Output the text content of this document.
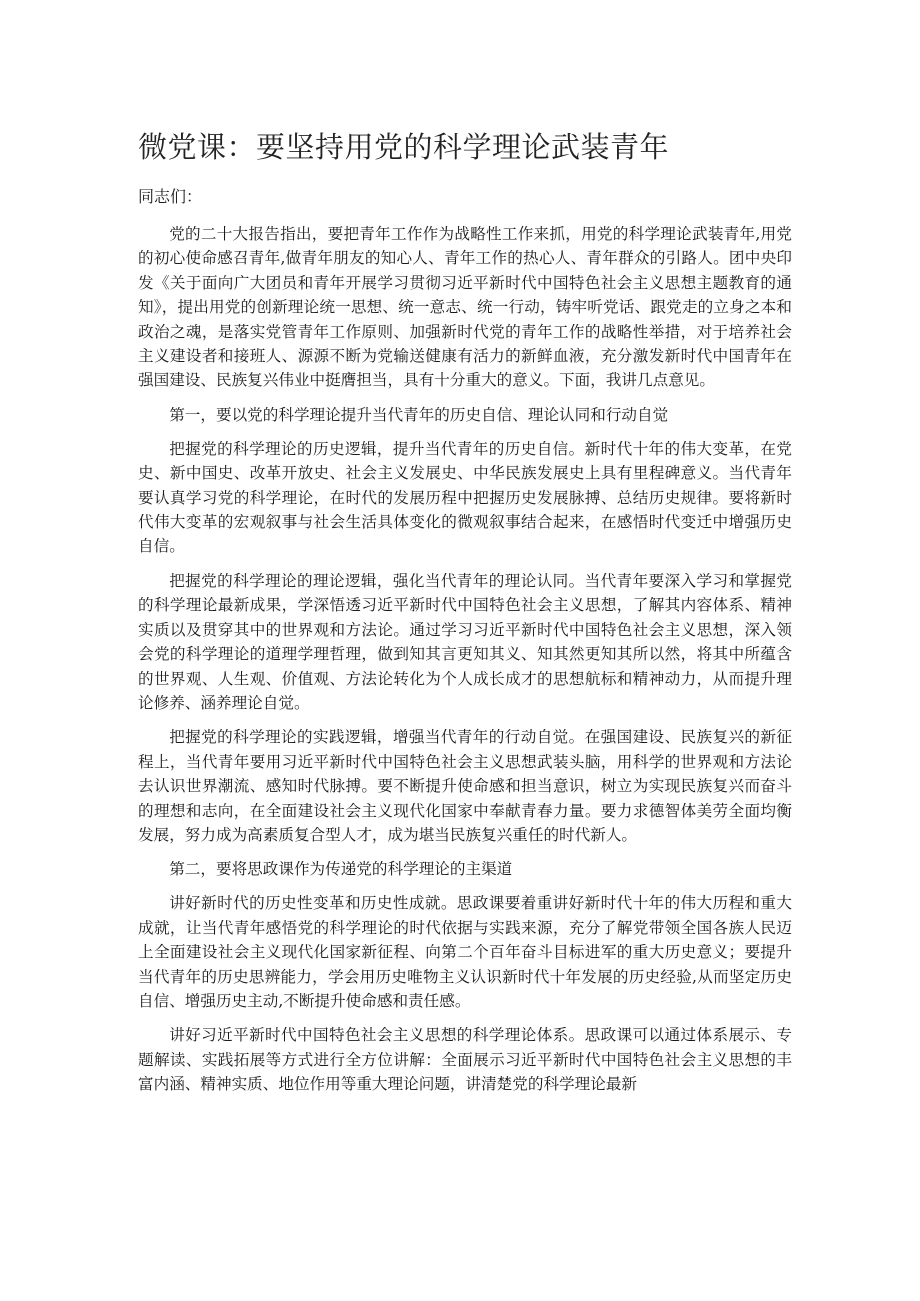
微党课：要坚持用党的科学理论武装青年

同志们：

党的二十大报告指出，要把青年工作作为战略性工作来抓，用党的科学理论武装青年,用党的初心使命感召青年,做青年朋友的知心人、青年工作的热心人、青年群众的引路人。团中央印发《关于面向广大团员和青年开展学习贯彻习近平新时代中国特色社会主义思想主题教育的通知》，提出用党的创新理论统一思想、统一意志、统一行动，铸牢听党话、跟党走的立身之本和政治之魂，是落实党管青年工作原则、加强新时代党的青年工作的战略性举措，对于培养社会主义建设者和接班人、源源不断为党输送健康有活力的新鲜血液，充分激发新时代中国青年在强国建设、民族复兴伟业中挺膺担当，具有十分重大的意义。下面，我讲几点意见。

第一，要以党的科学理论提升当代青年的历史自信、理论认同和行动自觉

把握党的科学理论的历史逻辑，提升当代青年的历史自信。新时代十年的伟大变革，在党史、新中国史、改革开放史、社会主义发展史、中华民族发展史上具有里程碑意义。当代青年要认真学习党的科学理论，在时代的发展历程中把握历史发展脉搏、总结历史规律。要将新时代伟大变革的宏观叙事与社会生活具体变化的微观叙事结合起来，在感悟时代变迁中增强历史自信。

把握党的科学理论的理论逻辑，强化当代青年的理论认同。当代青年要深入学习和掌握党的科学理论最新成果，学深悟透习近平新时代中国特色社会主义思想，了解其内容体系、精神实质以及贯穿其中的世界观和方法论。通过学习习近平新时代中国特色社会主义思想，深入领会党的科学理论的道理学理哲理，做到知其言更知其义、知其然更知其所以然，将其中所蕴含的世界观、人生观、价值观、方法论转化为个人成长成才的思想航标和精神动力，从而提升理论修养、涵养理论自觉。

把握党的科学理论的实践逻辑，增强当代青年的行动自觉。在强国建设、民族复兴的新征程上，当代青年要用习近平新时代中国特色社会主义思想武装头脑，用科学的世界观和方法论去认识世界潮流、感知时代脉搏。要不断提升使命感和担当意识，树立为实现民族复兴而奋斗的理想和志向，在全面建设社会主义现代化国家中奉献青春力量。要力求德智体美劳全面均衡发展，努力成为高素质复合型人才，成为堪当民族复兴重任的时代新人。

第二，要将思政课作为传递党的科学理论的主渠道

讲好新时代的历史性变革和历史性成就。思政课要着重讲好新时代十年的伟大历程和重大成就，让当代青年感悟党的科学理论的时代依据与实践来源，充分了解党带领全国各族人民迈上全面建设社会主义现代化国家新征程、向第二个百年奋斗目标进军的重大历史意义；要提升当代青年的历史思辨能力，学会用历史唯物主义认识新时代十年发展的历史经验,从而坚定历史自信、增强历史主动,不断提升使命感和责任感。

讲好习近平新时代中国特色社会主义思想的科学理论体系。思政课可以通过体系展示、专题解读、实践拓展等方式进行全方位讲解：全面展示习近平新时代中国特色社会主义思想的丰富内涵、精神实质、地位作用等重大理论问题，讲清楚党的科学理论最新
